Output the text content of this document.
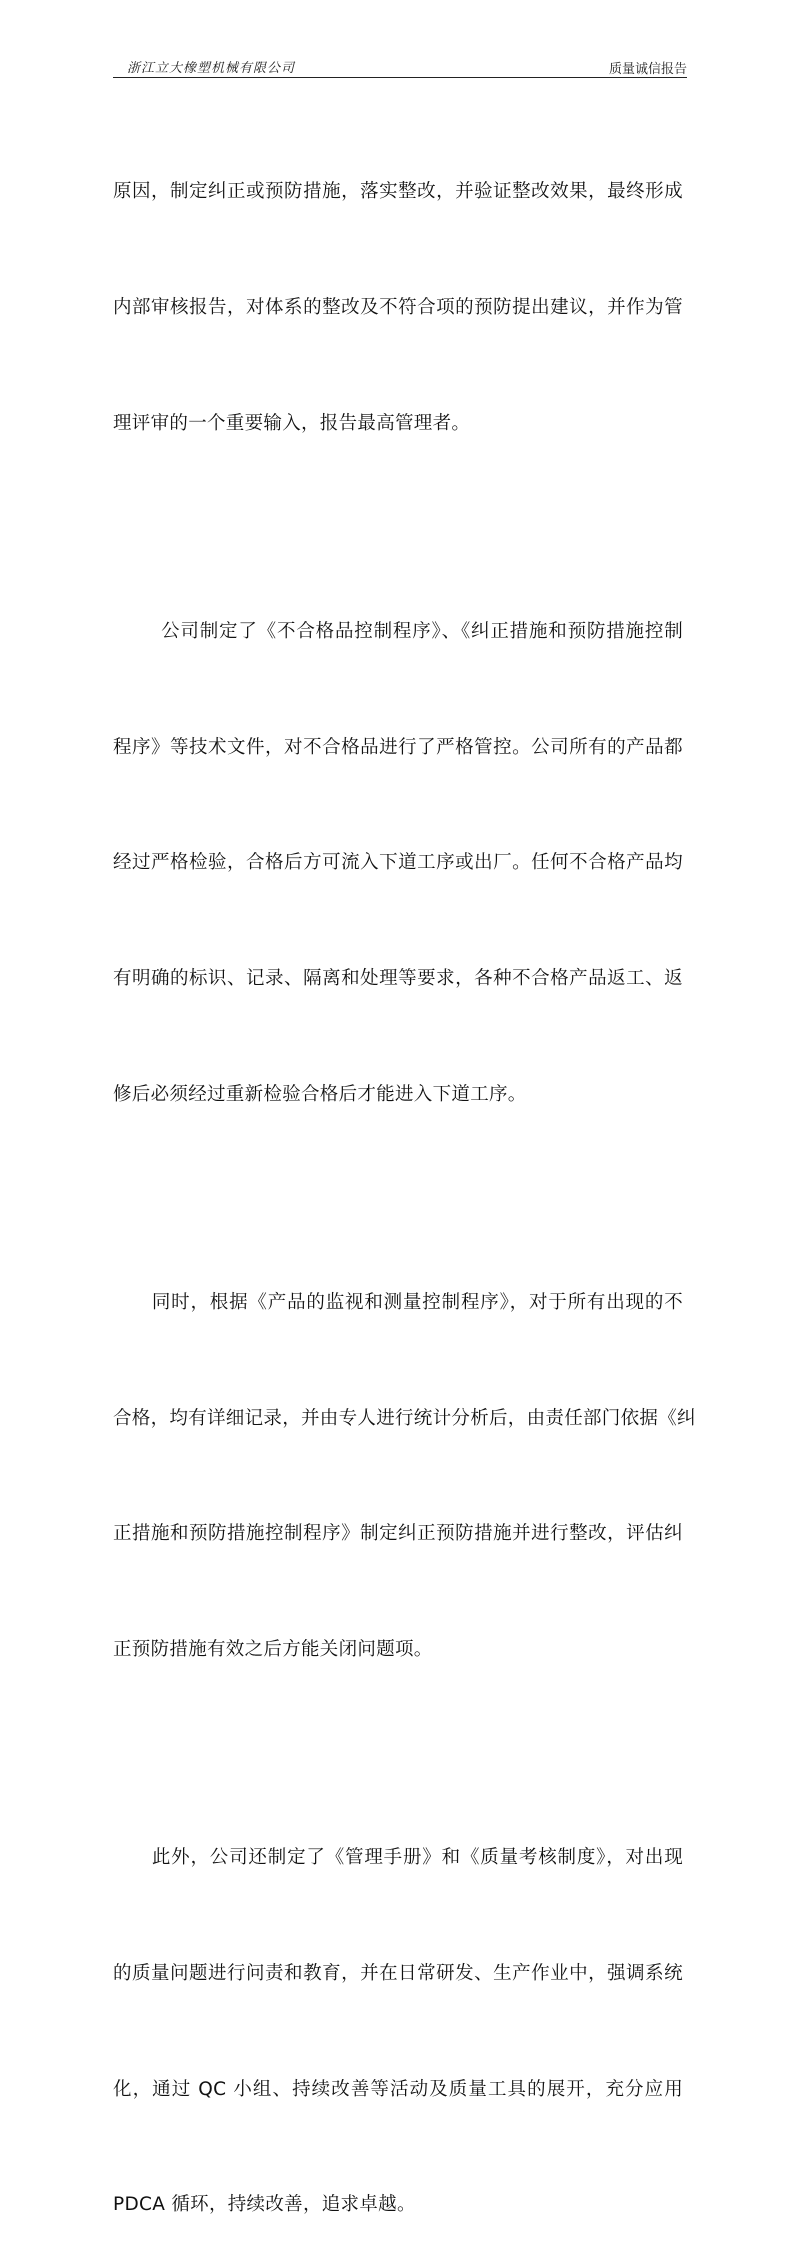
浙江立大橡塑机械有限公司	质量诚信报告

原因，制定纠正或预防措施，落实整改，并验证整改效果，最终形成

内部审核报告，对体系的整改及不符合项的预防提出建议，并作为管

理评审的一个重要输入，报告最高管理者。

公司制定了《不合格品控制程序》、《纠正措施和预防措施控制

程序》等技术文件，对不合格品进行了严格管控。公司所有的产品都

经过严格检验，合格后方可流入下道工序或出厂。任何不合格产品均

有明确的标识、记录、隔离和处理等要求，各种不合格产品返工、返

修后必须经过重新检验合格后才能进入下道工序。

同时，根据《产品的监视和测量控制程序》，对于所有出现的不

合格，均有详细记录，并由专人进行统计分析后，由责任部门依据《纠

正措施和预防措施控制程序》制定纠正预防措施并进行整改，评估纠

正预防措施有效之后方能关闭问题项。

此外，公司还制定了《管理手册》和《质量考核制度》，对出现

的质量问题进行问责和教育，并在日常研发、生产作业中，强调系统

化，通过 QC 小组、持续改善等活动及质量工具的展开，充分应用

PDCA 循环，持续改善，追求卓越。
